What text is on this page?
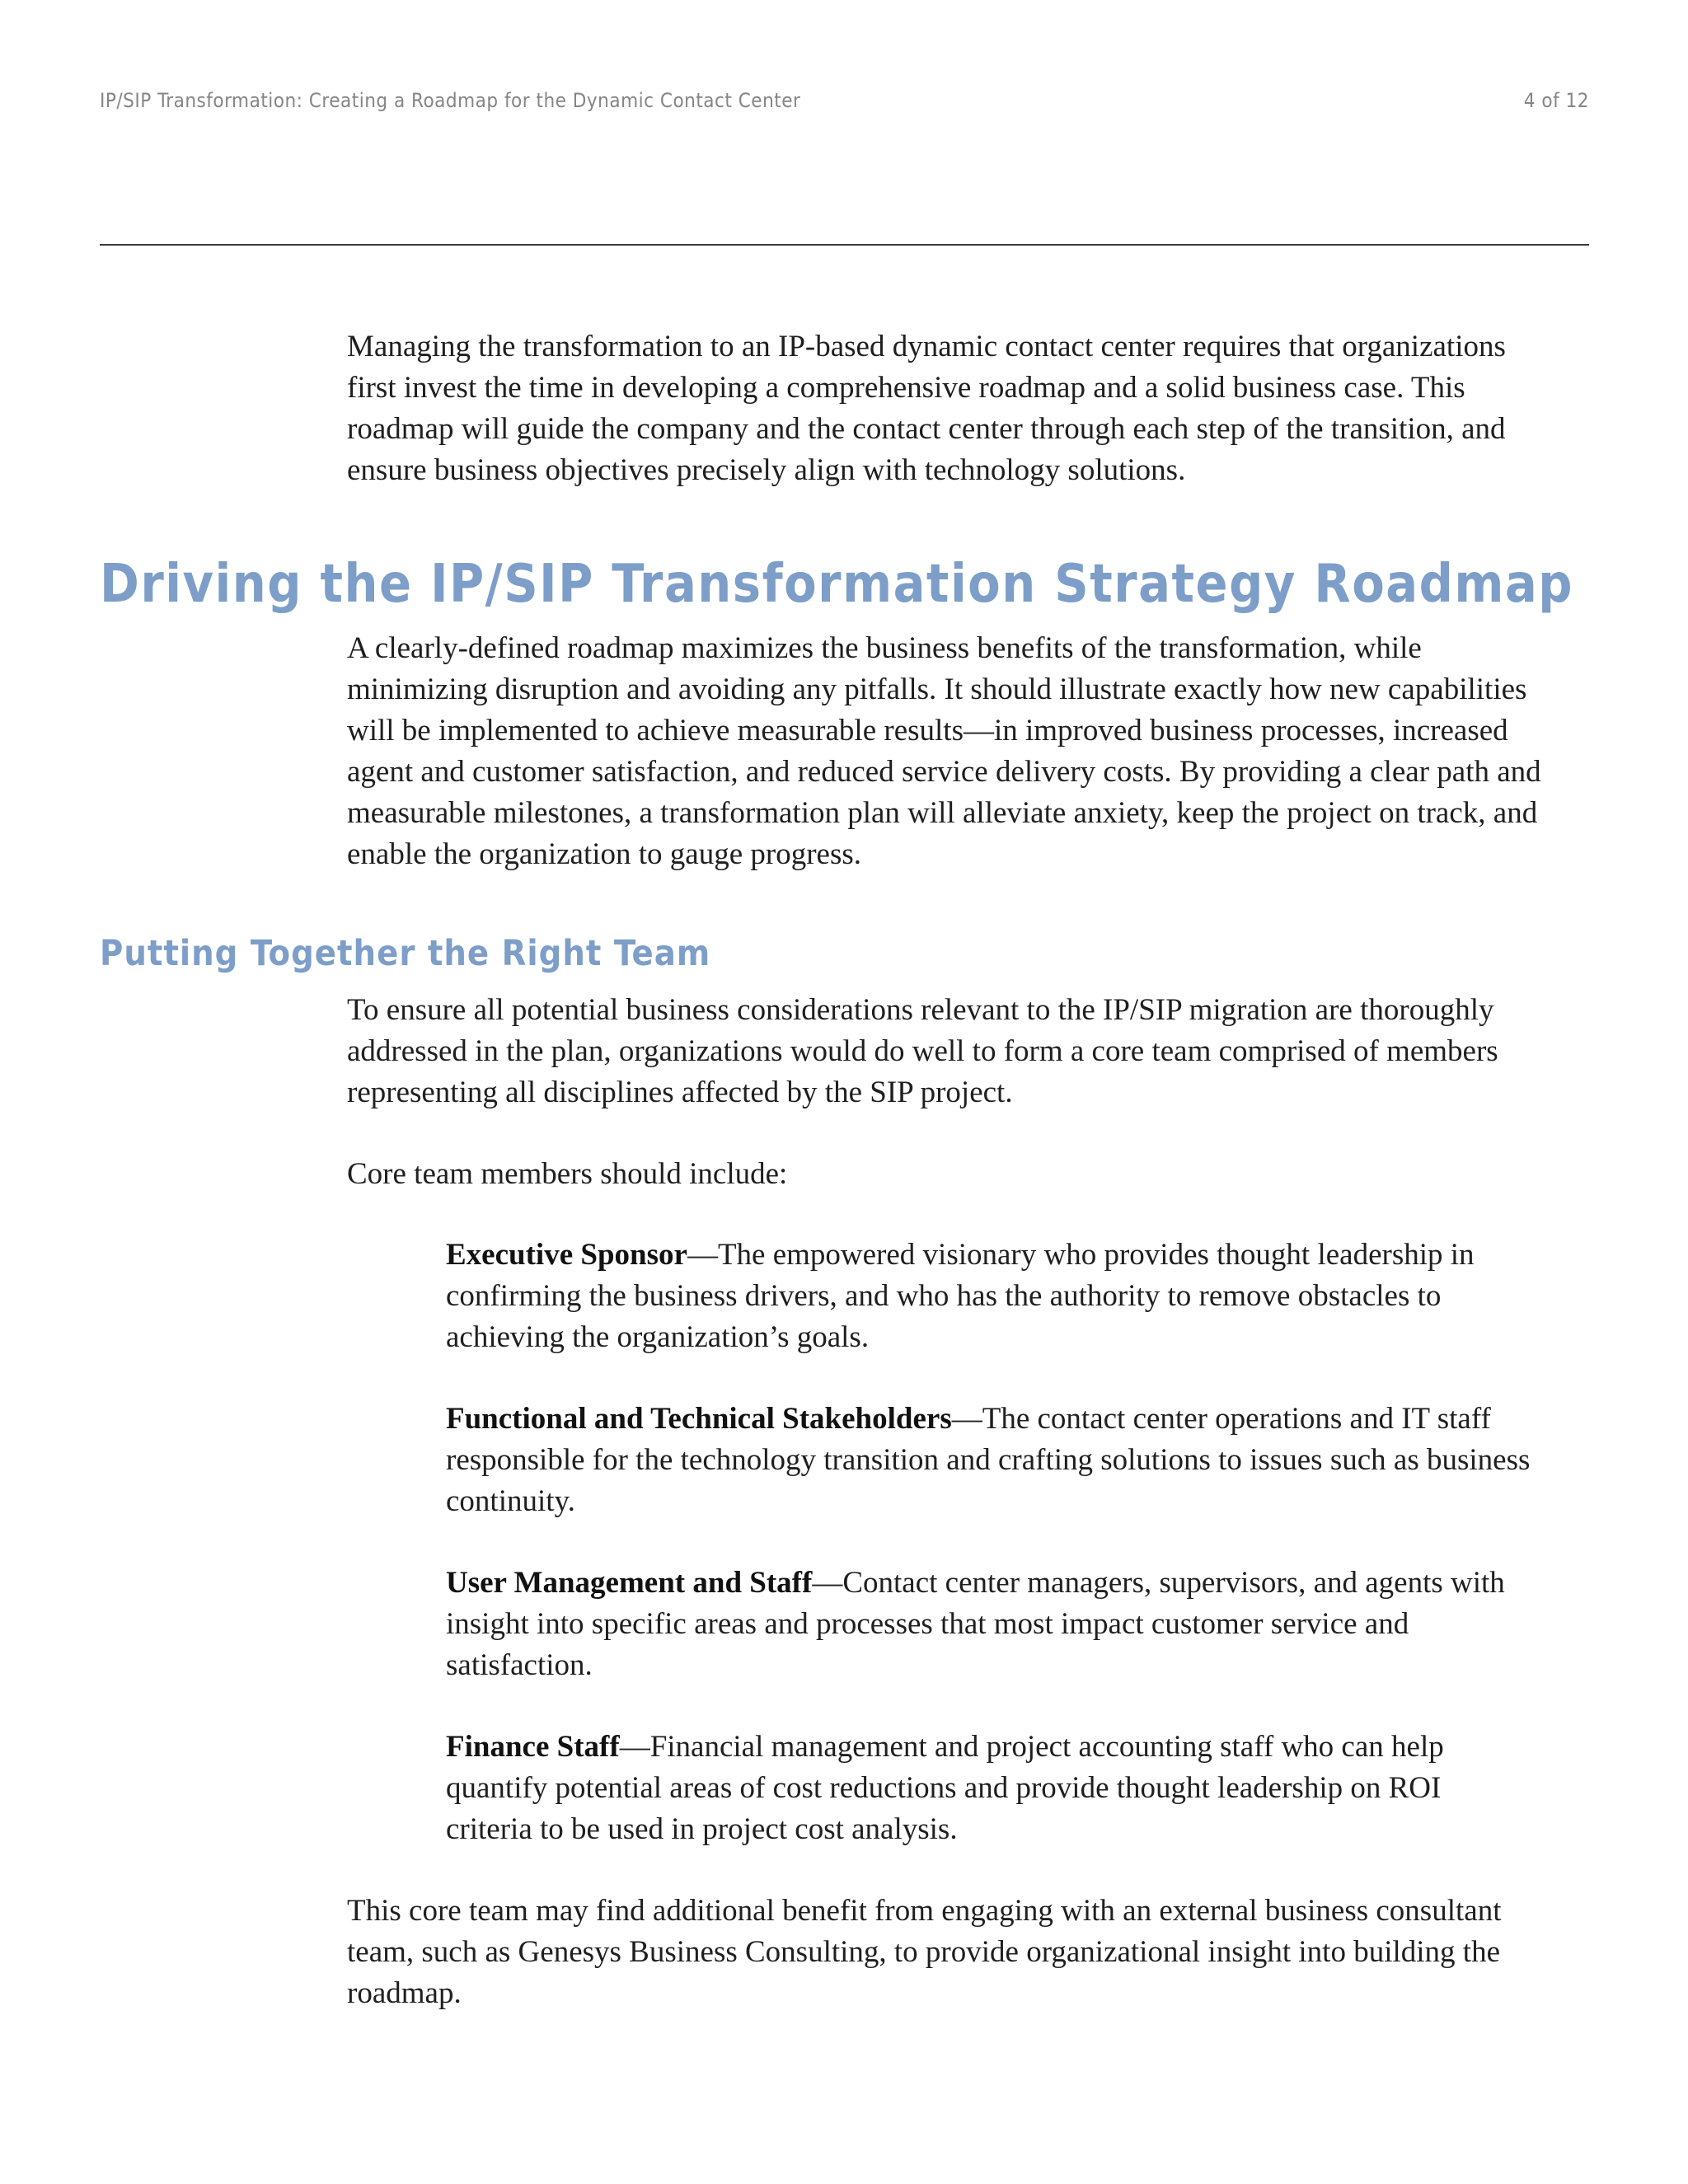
IP/SIP Transformation: Creating a Roadmap for the Dynamic Contact Center	4 of 12
Managing the transformation to an IP-based dynamic contact center requires that organizations first invest the time in developing a comprehensive roadmap and a solid business case. This roadmap will guide the company and the contact center through each step of the transition, and ensure business objectives precisely align with technology solutions.
Driving the IP/SIP Transformation Strategy Roadmap
A clearly-defined roadmap maximizes the business benefits of the transformation, while minimizing disruption and avoiding any pitfalls. It should illustrate exactly how new capabilities will be implemented to achieve measurable results—in improved business processes, increased agent and customer satisfaction, and reduced service delivery costs. By providing a clear path and measurable milestones, a transformation plan will alleviate anxiety, keep the project on track, and enable the organization to gauge progress.
Putting Together the Right Team
To ensure all potential business considerations relevant to the IP/SIP migration are thoroughly addressed in the plan, organizations would do well to form a core team comprised of members representing all disciplines affected by the SIP project.
Core team members should include:
Executive Sponsor—The empowered visionary who provides thought leadership in confirming the business drivers, and who has the authority to remove obstacles to achieving the organization’s goals.
Functional and Technical Stakeholders—The contact center operations and IT staff responsible for the technology transition and crafting solutions to issues such as business continuity.
User Management and Staff—Contact center managers, supervisors, and agents with insight into specific areas and processes that most impact customer service and satisfaction.
Finance Staff—Financial management and project accounting staff who can help quantify potential areas of cost reductions and provide thought leadership on ROI criteria to be used in project cost analysis.
This core team may find additional benefit from engaging with an external business consultant team, such as Genesys Business Consulting, to provide organizational insight into building the roadmap.
